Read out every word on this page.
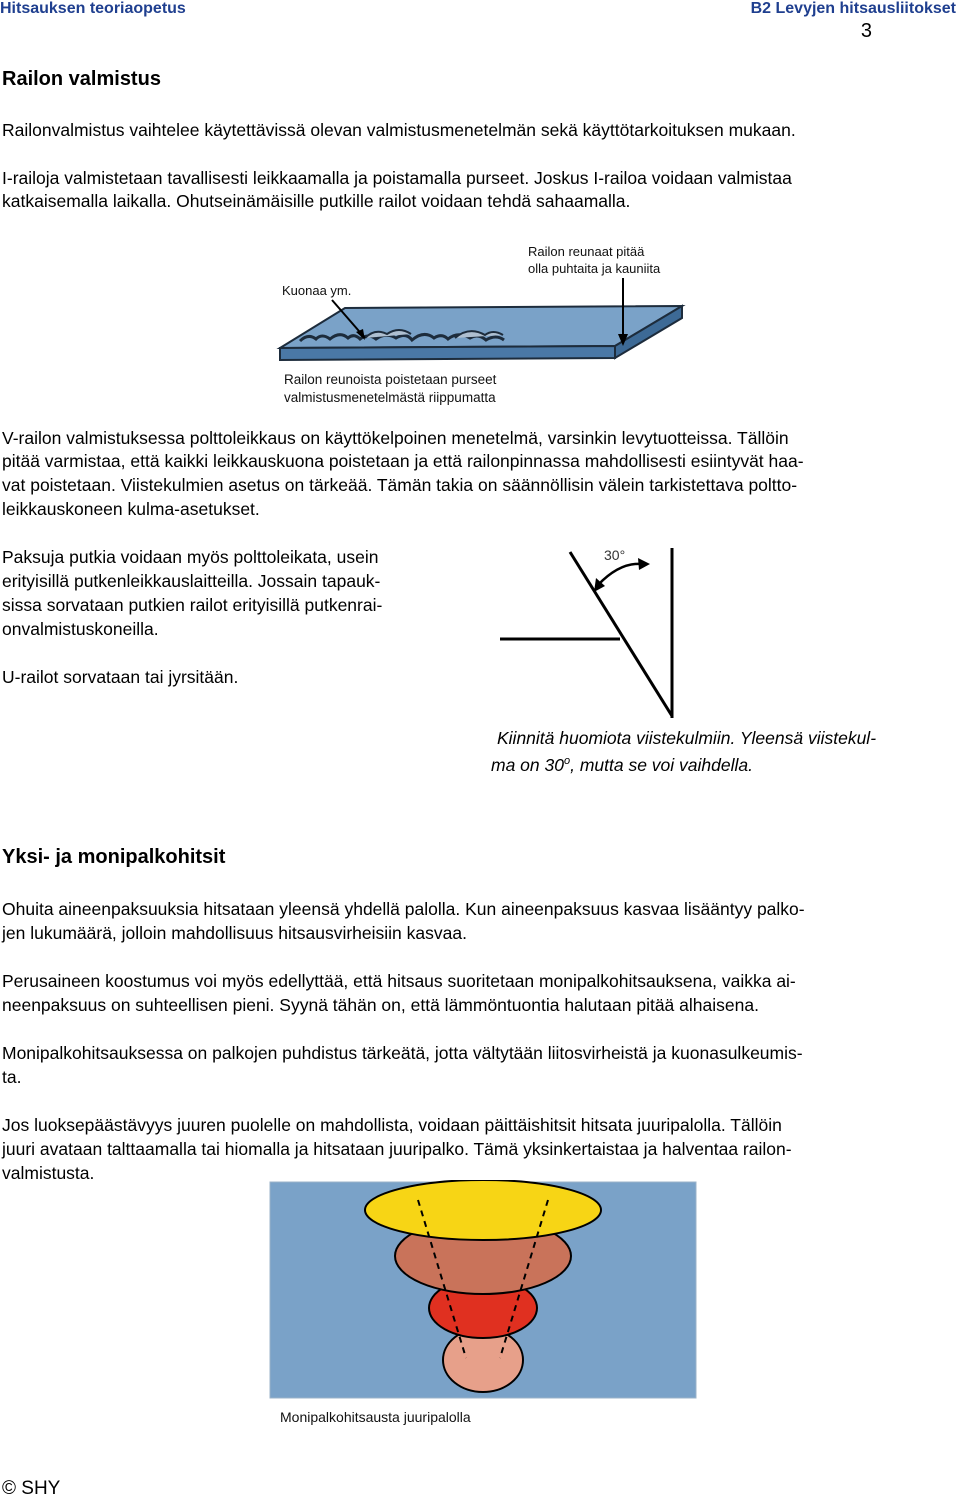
Hitsauksen teoriaopetus	B2 Levyjen hitsausliitokset
3
Railon valmistus
Railonvalmistus vaihtelee käytettävissä olevan valmistusmenetelmän sekä käyttötarkoituksen mukaan.
I-railoja valmistetaan tavallisesti leikkaamalla ja poistamalla purseet. Joskus I-railoa voidaan valmistaa
katkaisemalla laikalla. Ohutseinämäisille putkille railot voidaan tehdä sahaamalla.
Railon reunaat pitää
olla puhtaita ja kauniita
Kuonaa ym.
Railon reunoista poistetaan purseet
valmistusmenetelmästä riippumatta
V-railon valmistuksessa polttoleikkaus on käyttökelpoinen menetelmä, varsinkin levytuotteissa. Tällöin
pitää varmistaa, että kaikki leikkauskuona poistetaan ja että railonpinnassa mahdollisesti esiintyvät haa-
vat poistetaan. Viistekulmien asetus on tärkeää. Tämän takia on säännöllisin välein tarkistettava poltto-
leikkauskoneen kulma-asetukset.
Paksuja putkia voidaan myös polttoleikata, usein
erityisillä putkenleikkauslaitteilla. Jossain tapauk-
sissa sorvataan putkien railot erityisillä putkenrai-
onvalmistuskoneilla.
U-railot sorvataan tai jyrsitään.
30°
Kiinnitä huomiota viistekulmiin. Yleensä viistekul-
ma on 30$^o$, mutta se voi vaihdella.
Yksi- ja monipalkohitsit
Ohuita aineenpaksuuksia hitsataan yleensä yhdellä palolla. Kun aineenpaksuus kasvaa lisääntyy palko-
jen lukumäärä, jolloin mahdollisuus hitsausvirheisiin kasvaa.
Perusaineen koostumus voi myös edellyttää, että hitsaus suoritetaan monipalkohitsauksena, vaikka ai-
neenpaksuus on suhteellisen pieni. Syynä tähän on, että lämmöntuontia halutaan pitää alhaisena.
Monipalkohitsauksessa on palkojen puhdistus tärkeätä, jotta vältytään liitosvirheistä ja kuonasulkeumis-
ta.
Jos luoksepäästävyys juuren puolelle on mahdollista, voidaan päittäishitsit hitsata juuripalolla. Tällöin
juuri avataan talttaamalla tai hiomalla ja hitsataan juuripalko. Tämä yksinkertaistaa ja halventaa railon-
valmistusta.
Monipalkohitsausta juuripalolla
© SHY
